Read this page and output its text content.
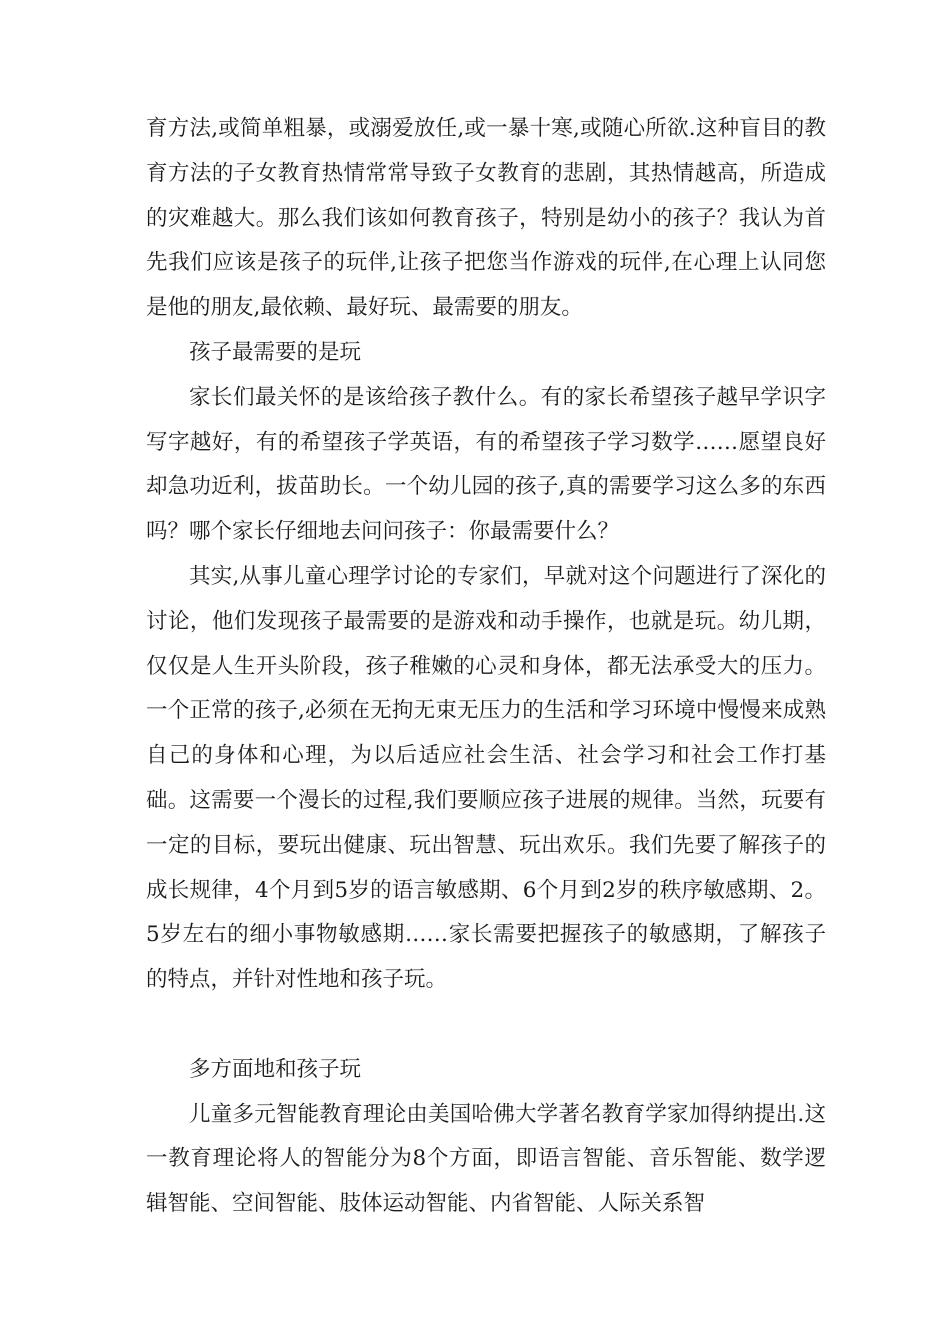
育方法,或简单粗暴，或溺爱放任,或一暴十寒,或随心所欲.这种盲目的教育方法的子女教育热情常常导致子女教育的悲剧，其热情越高，所造成的灾难越大。那么我们该如何教育孩子，特别是幼小的孩子？我认为首先我们应该是孩子的玩伴,让孩子把您当作游戏的玩伴,在心理上认同您是他的朋友,最依赖、最好玩、最需要的朋友。

孩子最需要的是玩

家长们最关怀的是该给孩子教什么。有的家长希望孩子越早学识字写字越好，有的希望孩子学英语，有的希望孩子学习数学……愿望良好却急功近利，拔苗助长。一个幼儿园的孩子,真的需要学习这么多的东西吗？哪个家长仔细地去问问孩子：你最需要什么？

其实,从事儿童心理学讨论的专家们，早就对这个问题进行了深化的讨论，他们发现孩子最需要的是游戏和动手操作，也就是玩。幼儿期，仅仅是人生开头阶段，孩子稚嫩的心灵和身体，都无法承受大的压力。一个正常的孩子,必须在无拘无束无压力的生活和学习环境中慢慢来成熟自己的身体和心理，为以后适应社会生活、社会学习和社会工作打基础。这需要一个漫长的过程,我们要顺应孩子进展的规律。当然，玩要有一定的目标，要玩出健康、玩出智慧、玩出欢乐。我们先要了解孩子的成长规律，4个月到5岁的语言敏感期、6个月到2岁的秩序敏感期、2。5岁左右的细小事物敏感期……家长需要把握孩子的敏感期，了解孩子的特点，并针对性地和孩子玩。

多方面地和孩子玩

儿童多元智能教育理论由美国哈佛大学著名教育学家加得纳提出.这一教育理论将人的智能分为8个方面，即语言智能、音乐智能、数学逻辑智能、空间智能、肢体运动智能、内省智能、人际关系智
